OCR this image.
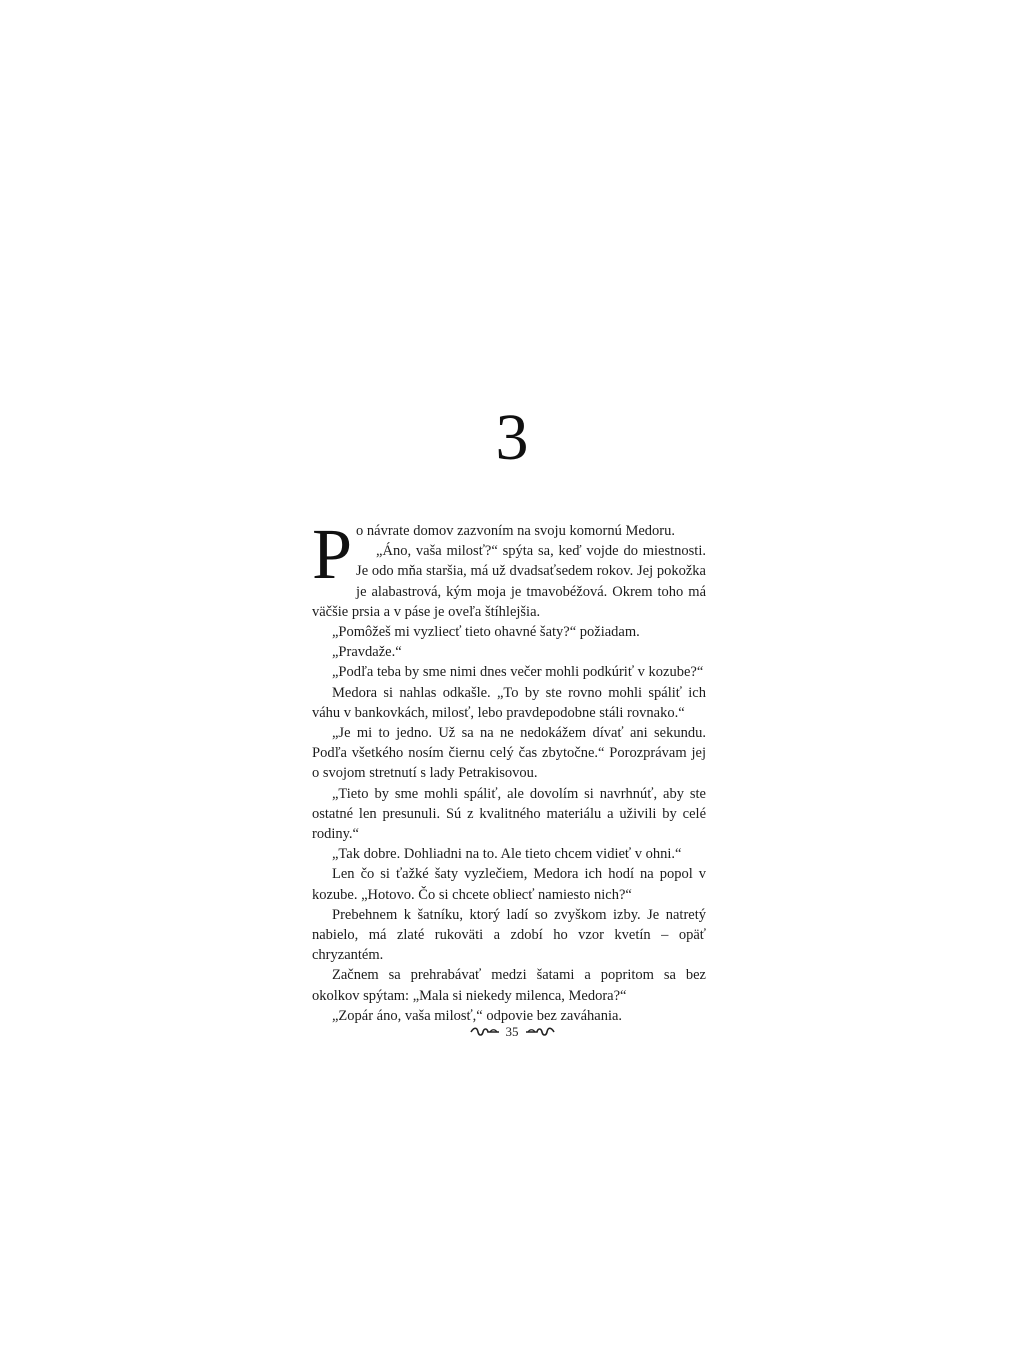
3

Po návrate domov zazvoním na svoju komornú Medoru.

„Áno, vaša milosť?“ spýta sa, keď vojde do miestnosti. Je odo mňa staršia, má už dvadsaťsedem rokov. Jej pokožka je alabastrová, kým moja je tmavobéžová. Okrem toho má väčšie prsia a v páse je oveľa štíhlejšia.

„Pomôžeš mi vyzliecť tieto ohavné šaty?“ požiadam.

„Pravdaže.“

„Podľa teba by sme nimi dnes večer mohli podkúriť v kozube?“

Medora si nahlas odkašle. „To by ste rovno mohli spáliť ich váhu v bankovkách, milosť, lebo pravdepodobne stáli rovnako.“

„Je mi to jedno. Už sa na ne nedokážem dívať ani sekundu. Podľa všetkého nosím čiernu celý čas zbytočne.“ Porozprávam jej o svojom stretnutí s lady Petrakisovou.

„Tieto by sme mohli spáliť, ale dovolím si navrhnúť, aby ste ostatné len presunuli. Sú z kvalitného materiálu a uživili by celé rodiny.“

„Tak dobre. Dohliadni na to. Ale tieto chcem vidieť v ohni.“

Len čo si ťažké šaty vyzlečiem, Medora ich hodí na popol v kozube. „Hotovo. Čo si chcete obliecť namiesto nich?“

Prebehnem k šatníku, ktorý ladí so zvyškom izby. Je natretý nabielo, má zlaté rukoväti a zdobí ho vzor kvetín – opäť chryzantém.

Začnem sa prehrabávať medzi šatami a popritom sa bez okolkov spýtam: „Mala si niekedy milenca, Medora?“

„Zopár áno, vaša milosť,“ odpovie bez zaváhania.

35
